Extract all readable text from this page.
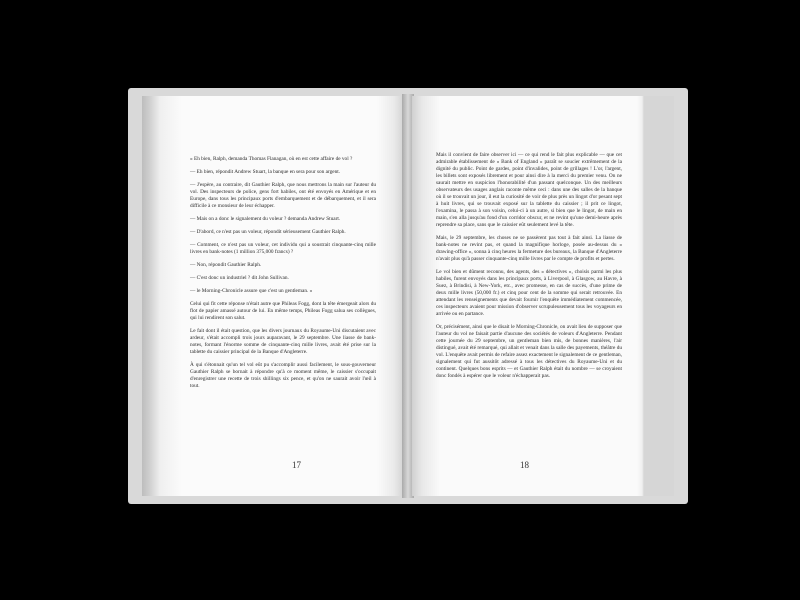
« Eh bien, Ralph, demanda Thomas Flanagan, où en est cette affaire de vol ?

— Eh bien, répondit Andrew Stuart, la banque en sera pour son argent.

— J'espère, au contraire, dit Gauthier Ralph, que nous mettrons la main sur l'auteur du vol. Des inspecteurs de police, gens fort habiles, ont été envoyés en Amérique et en Europe, dans tous les principaux ports d'embarquement et de débarquement, et il sera difficile à ce monsieur de leur échapper.

— Mais on a donc le signalement du voleur ? demanda Andrew Stuart.

— D'abord, ce n'est pas un voleur, répondit sérieusement Gauthier Ralph.

— Comment, ce n'est pas un voleur, cet individu qui a soustrait cinquante-cinq mille livres en bank-notes (1 million 375,000 francs) ?

— Non, répondit Gauthier Ralph.

— C'est donc un industriel ? dit John Sullivan.

— le Morning-Chronicle assure que c'est un gentleman. »

Celui qui fit cette réponse n'était autre que Phileas Fogg, dont la tête émergeait alors du flot de papier amassé autour de lui. En même temps, Phileas Fogg salua ses collègues, qui lui rendirent son salut.

Le fait dont il était question, que les divers journaux du Royaume-Uni discutaient avec ardeur, s'était accompli trois jours auparavant, le 29 septembre. Une liasse de bank-notes, formant l'énorme somme de cinquante-cinq mille livres, avait été prise sur la tablette du caissier principal de la Banque d'Angleterre.

À qui s'étonnait qu'un tel vol eût pu s'accomplir aussi facilement, le sous-gouverneur Gauthier Ralph se bornait à répondre qu'à ce moment même, le caissier s'occupait d'enregistrer une recette de trois shillings six pence, et qu'on ne saurait avoir l'œil à tout.

17

Mais il convient de faire observer ici — ce qui rend le fait plus explicable — que cet admirable établissement de « Bank of England » paraît se soucier extrêmement de la dignité du public. Point de gardes, point d'invalides, point de grillages ! L'or, l'argent, les billets sont exposés librement et pour ainsi dire à la merci du premier venu. On ne saurait mettre en suspicion l'honorabilité d'un passant quelconque. Un des meilleurs observateurs des usages anglais raconte même ceci : dans une des salles de la banque où il se trouvait un jour, il eut la curiosité de voir de plus près un lingot d'or pesant sept à huit livres, qui se trouvait exposé sur la tablette du caissier ; il prit ce lingot, l'examina, le passa à son voisin, celui-ci à un autre, si bien que le lingot, de main en main, s'en alla jusqu'au fond d'un corridor obscur, et ne revint qu'une demi-heure après reprendre sa place, sans que le caissier eût seulement levé la tête.

Mais, le 29 septembre, les choses ne se passèrent pas tout à fait ainsi. La liasse de bank-notes ne revint pas, et quand la magnifique horloge, posée au-dessus du « drawing-office », sonna à cinq heures la fermeture des bureaux, la Banque d'Angleterre n'avait plus qu'à passer cinquante-cinq mille livres par le compte de profits et pertes.

Le vol bien et dûment reconnu, des agents, des « détectives », choisis parmi les plus habiles, furent envoyés dans les principaux ports, à Liverpool, à Glasgow, au Havre, à Suez, à Brindisi, à New-York, etc., avec promesse, en cas de succès, d'une prime de deux mille livres (50,000 fr.) et cinq pour cent de la somme qui serait retrouvée. En attendant les renseignements que devait fournir l'enquête immédiatement commencée, ces inspecteurs avaient pour mission d'observer scrupuleusement tous les voyageurs en arrivée ou en partance.

Or, précisément, ainsi que le disait le Morning-Chronicle, on avait lieu de supposer que l'auteur du vol ne faisait partie d'aucune des sociétés de voleurs d'Angleterre. Pendant cette journée du 29 septembre, un gentleman bien mis, de bonnes manières, l'air distingué, avait été remarqué, qui allait et venait dans la salle des payements, théâtre du vol. L'enquête avait permis de refaire assez exactement le signalement de ce gentleman, signalement qui fut aussitôt adressé à tous les détectives du Royaume-Uni et du continent. Quelques bons esprits — et Gauthier Ralph était du nombre — se croyaient donc fondés à espérer que le voleur n'échapperait pas.

18
